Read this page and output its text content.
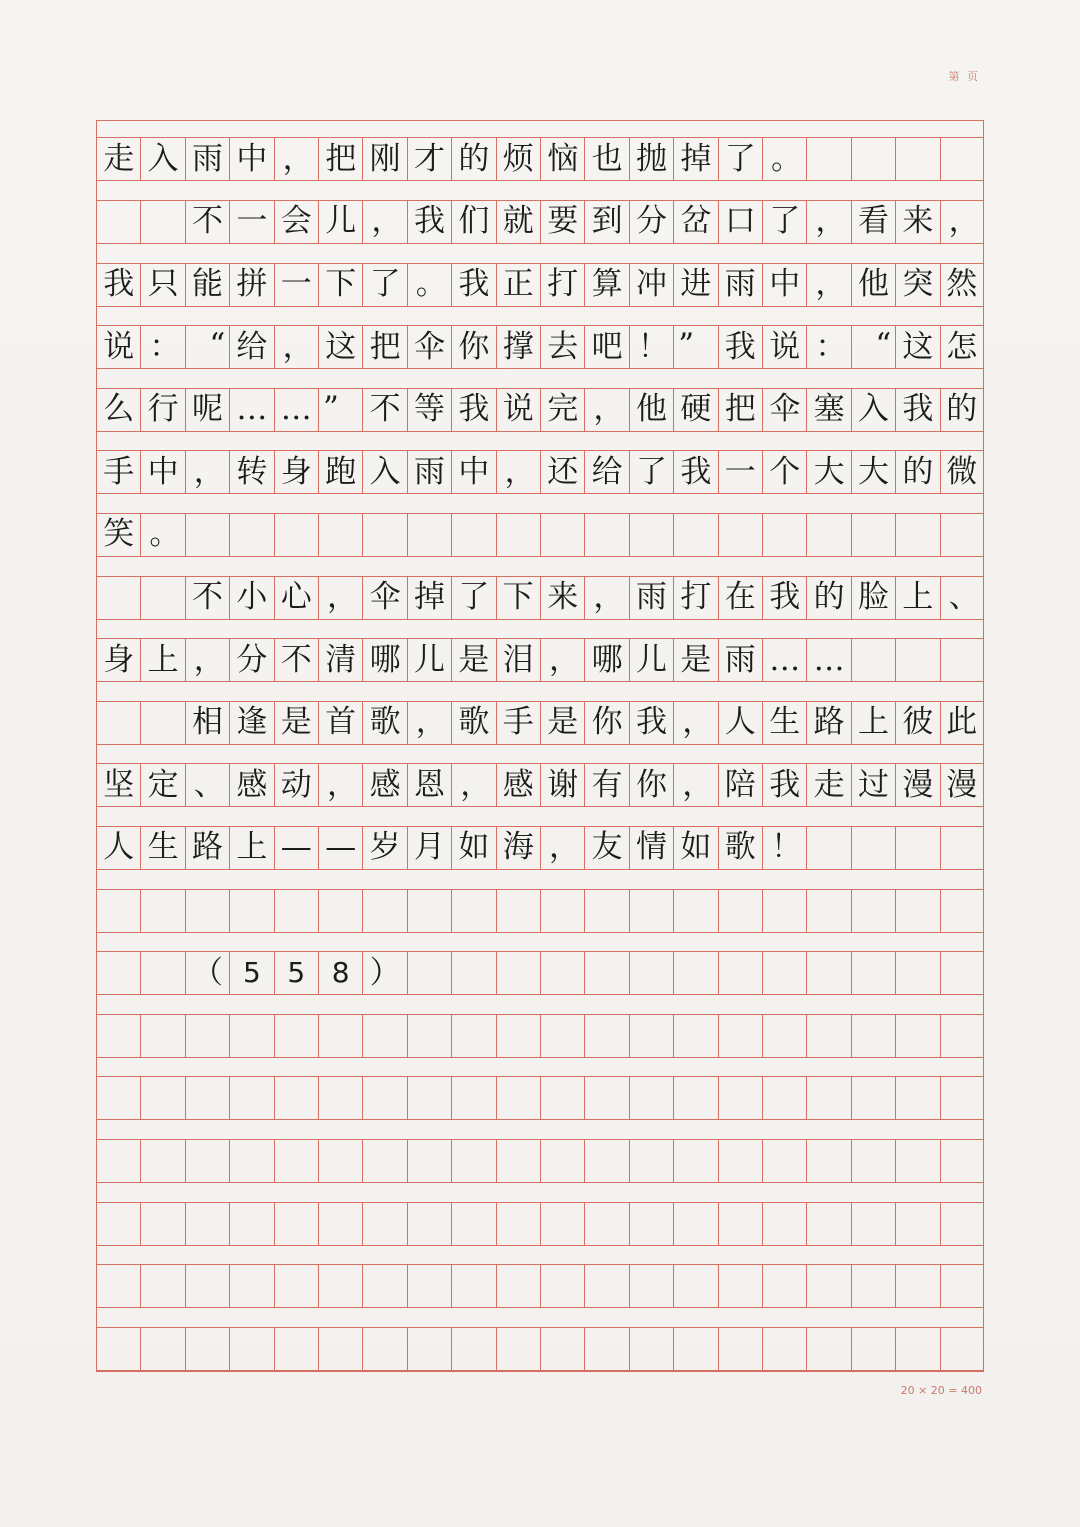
第 页
走 入 雨 中 ， 把 刚 才 的 烦 恼 也 抛 掉 了 。
不 一 会 儿 ， 我 们 就 要 到 分 岔 口 了 ， 看 来 ，
我 只 能 拼 一 下 了 。 我 正 打 算 冲 进 雨 中 ， 他 突 然
说 ： “ 给 ， 这 把 伞 你 撑 去 吧 ！ ” 我 说 ： “ 这 怎
么 行 呢 … … ” 不 等 我 说 完 ， 他 硬 把 伞 塞 入 我 的
手 中 ， 转 身 跑 入 雨 中 ， 还 给 了 我 一 个 大 大 的 微
笑 。
不 小 心 ， 伞 掉 了 下 来 ， 雨 打 在 我 的 脸 上 、
身 上 ， 分 不 清 哪 儿 是 泪 ， 哪 儿 是 雨 … …
相 逢 是 首 歌 ， 歌 手 是 你 我 ， 人 生 路 上 彼 此
坚 定 、 感 动 ， 感 恩 ， 感 谢 有 你 ， 陪 我 走 过 漫 漫
人 生 路 上 — — 岁 月 如 海 ， 友 情 如 歌 ！
（ 5 5 8 ）
20 × 20 = 400
